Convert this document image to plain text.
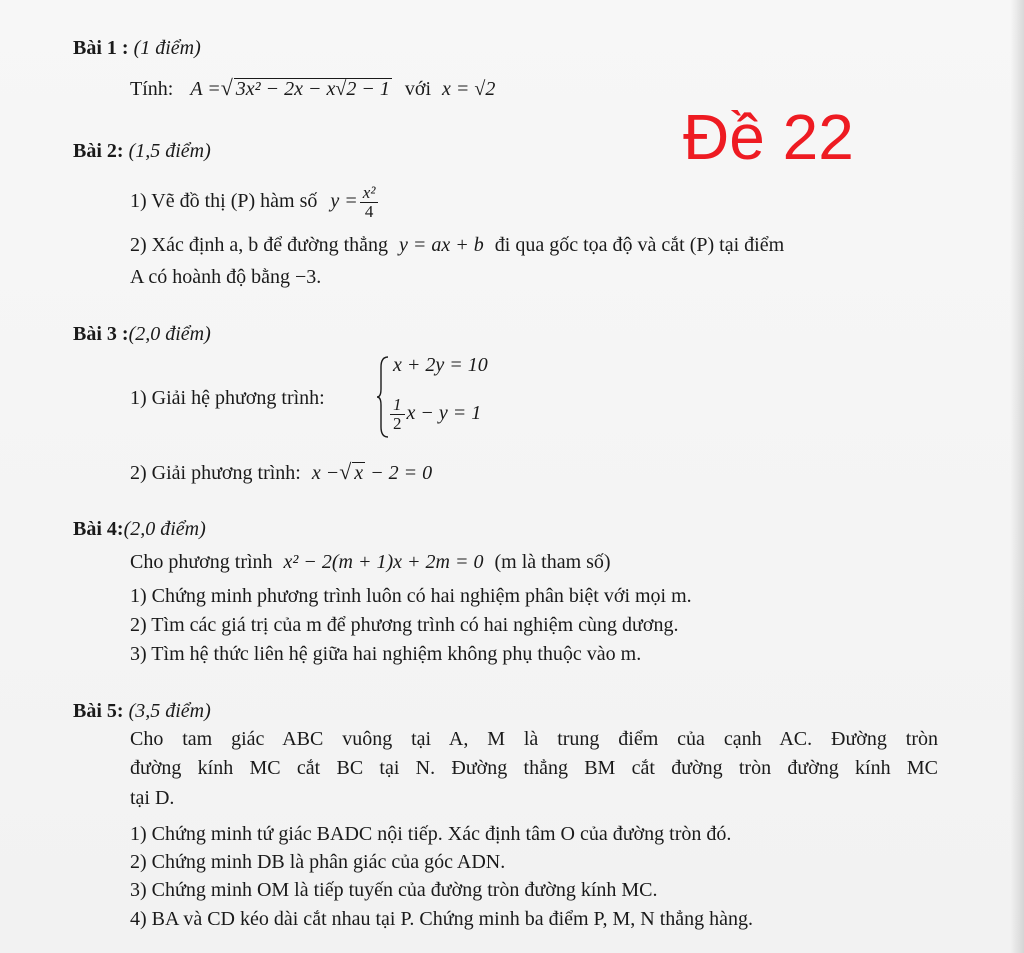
Bài 1 : (1 điểm)
Tính: A =√ 3x² − 2x − x√2 − 1 với x = √2
Đề 22
Bài 2: (1,5 điểm)
1) Vẽ đồ thị (P) hàm số $y = \frac{\text{x²}}{4}$
2) Xác định a, b để đường thẳng y = ax + b đi qua gốc tọa độ và cắt (P) tại điểm
A có hoành độ bằng −3.
Bài 3 :(2,0 điểm)
1) Giải hệ phương trình:
x + 2y = 10
$\frac{1}{2}$ x − y = 1
2) Giải phương trình: x −√ x − 2 = 0
Bài 4:(2,0 điểm)
Cho phương trình x² − 2(m + 1)x + 2m = 0 (m là tham số)
1) Chứng minh phương trình luôn có hai nghiệm phân biệt với mọi m.
2) Tìm các giá trị của m để phương trình có hai nghiệm cùng dương.
3) Tìm hệ thức liên hệ giữa hai nghiệm không phụ thuộc vào m.
Bài 5: (3,5 điểm)
Cho tam giác ABC vuông tại A, M là trung điểm của cạnh AC. Đường tròn
đường kính MC cắt BC tại N. Đường thẳng BM cắt đường tròn đường kính MC
tại D.
1) Chứng minh tứ giác BADC nội tiếp. Xác định tâm O của đường tròn đó.
2) Chứng minh DB là phân giác của góc ADN.
3) Chứng minh OM là tiếp tuyến của đường tròn đường kính MC.
4) BA và CD kéo dài cắt nhau tại P. Chứng minh ba điểm P, M, N thẳng hàng.
